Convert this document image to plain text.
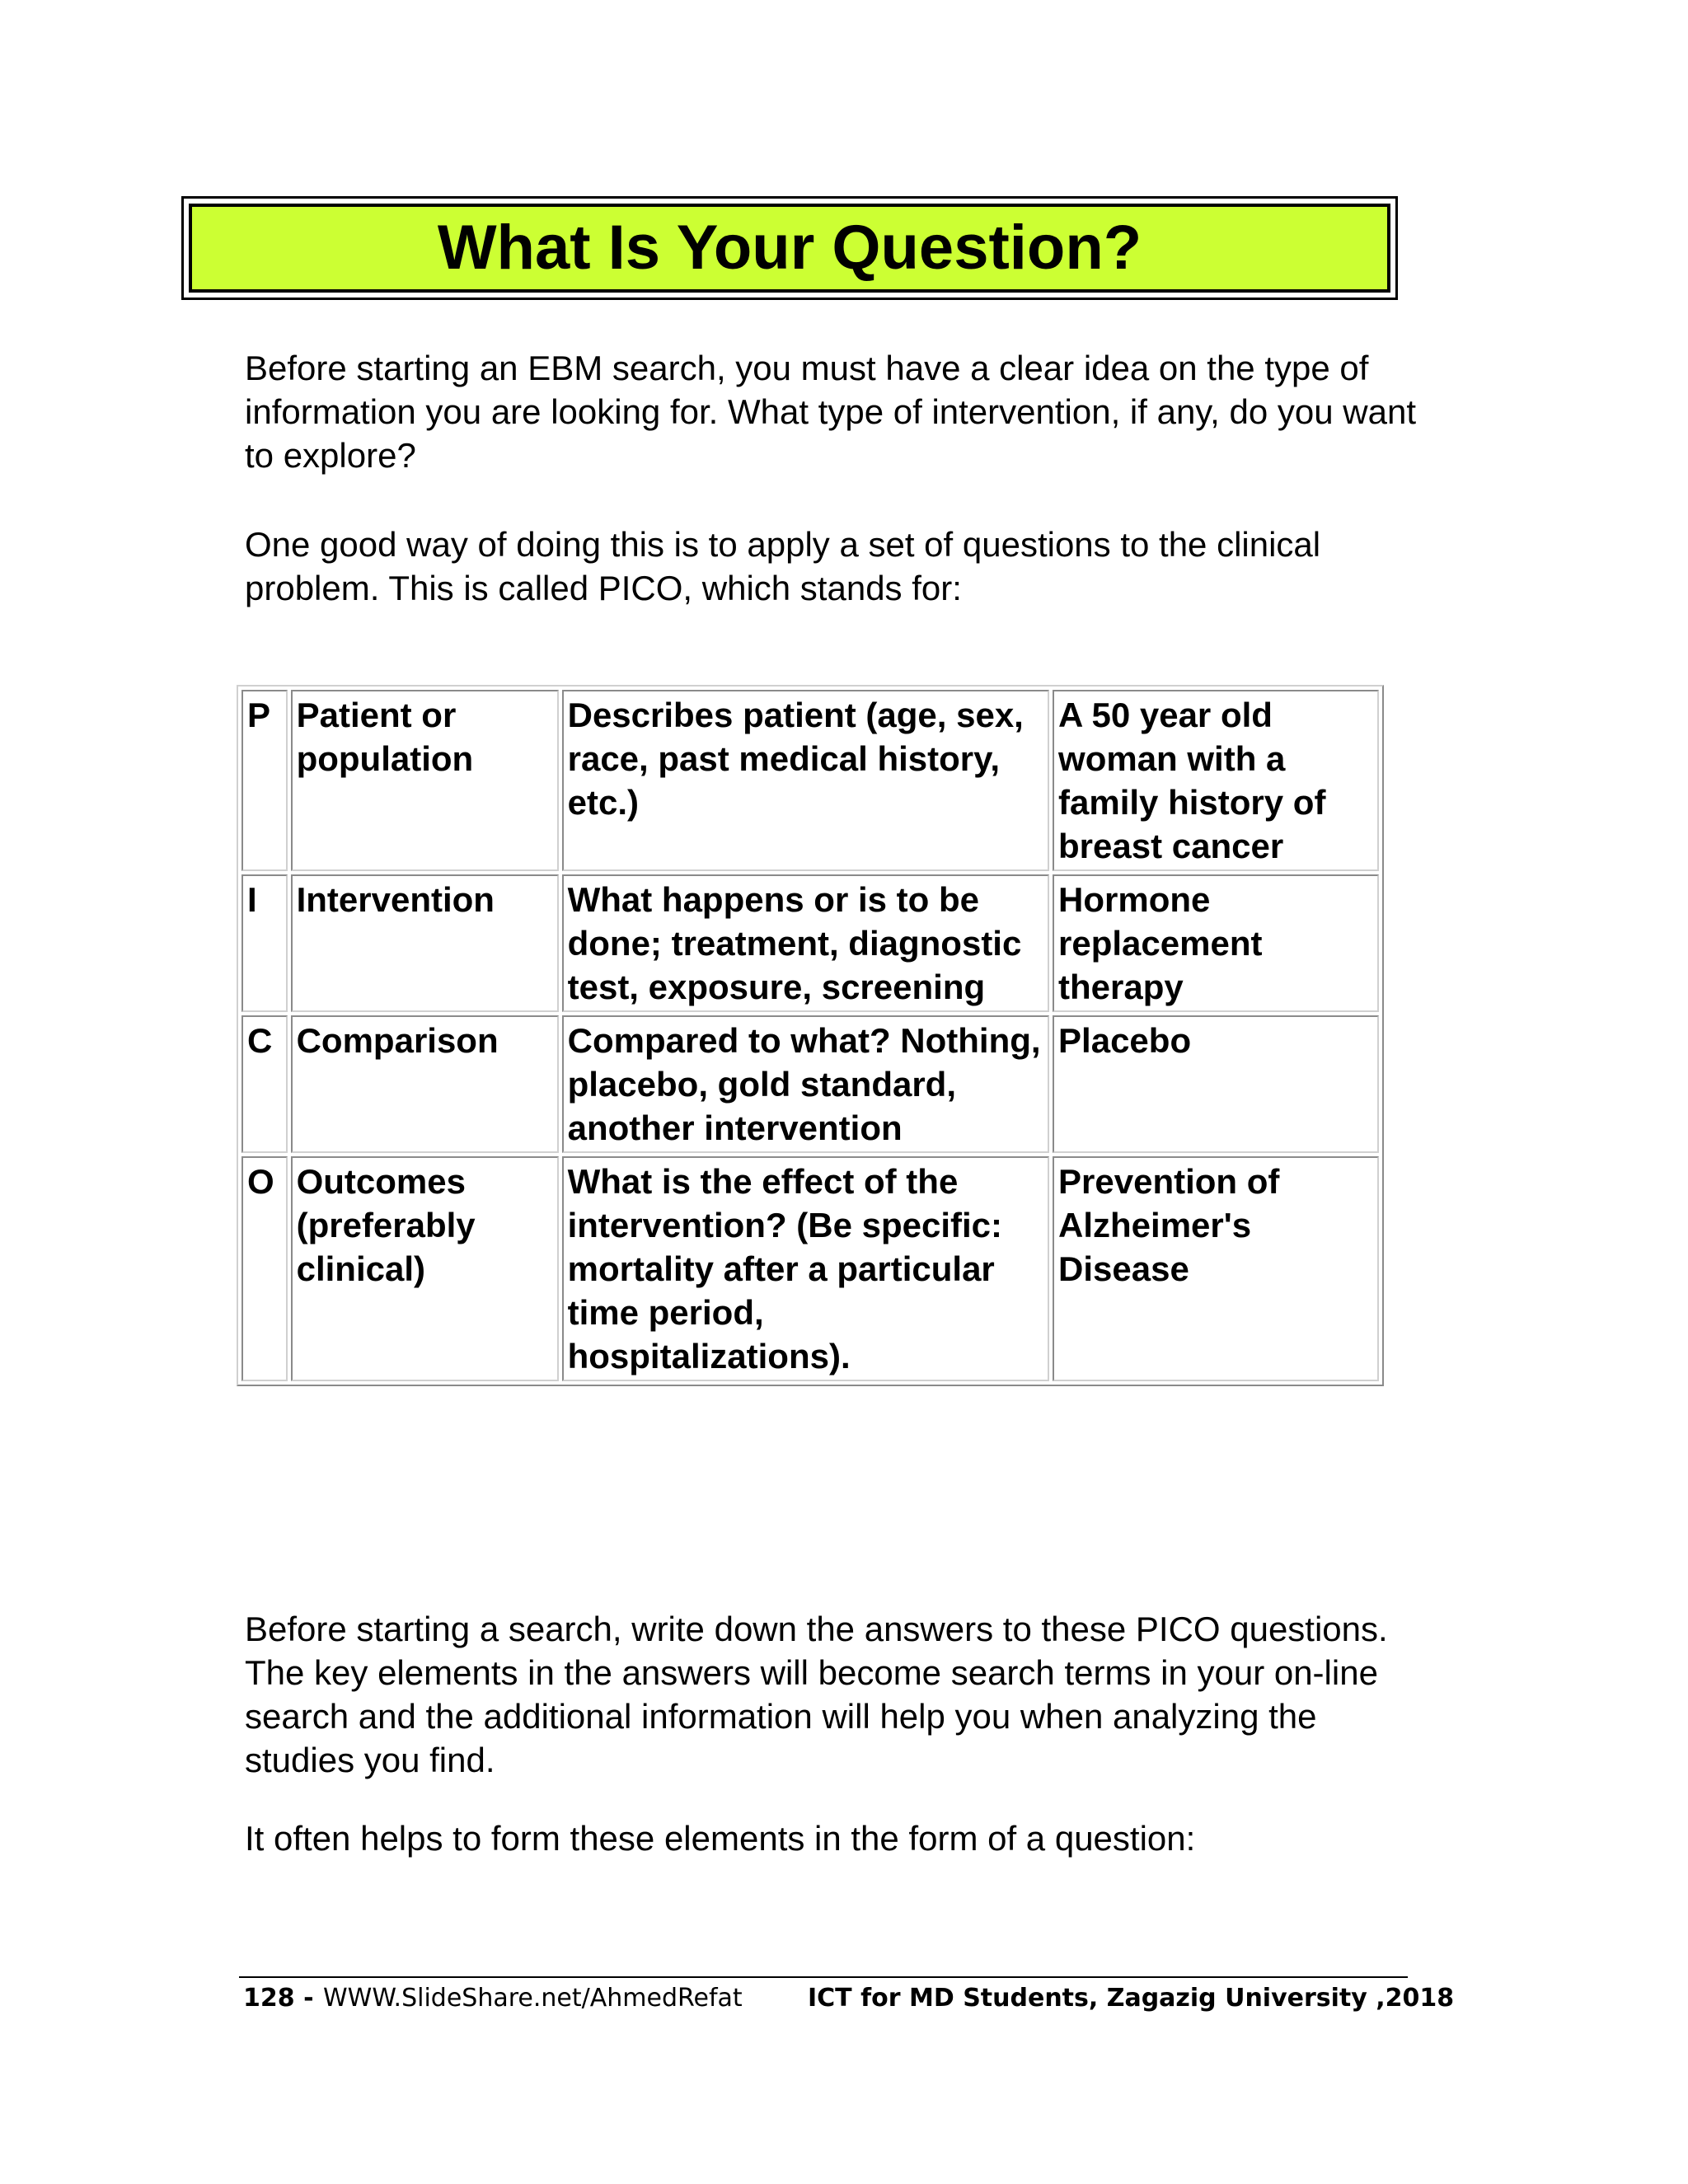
What Is Your Question?

Before starting an EBM search, you must have a clear idea on the type of information you are looking for. What type of intervention, if any, do you want to explore?

One good way of doing this is to apply a set of questions to the clinical problem. This is called PICO, which stands for:

P	Patient or population	Describes patient (age, sex, race, past medical history, etc.)	A 50 year old woman with a family history of breast cancer
I	Intervention	What happens or is to be done; treatment, diagnostic test, exposure, screening	Hormone replacement therapy
C	Comparison	Compared to what? Nothing, placebo, gold standard, another intervention	Placebo
O	Outcomes (preferably clinical)	What is the effect of the intervention? (Be specific: mortality after a particular time period, hospitalizations).	Prevention of Alzheimer's Disease

Before starting a search, write down the answers to these PICO questions. The key elements in the answers will become search terms in your on-line search and the additional information will help you when analyzing the studies you find.

It often helps to form these elements in the form of a question:

128 - WWW.SlideShare.net/AhmedRefat	ICT for MD Students, Zagazig University ,2018
